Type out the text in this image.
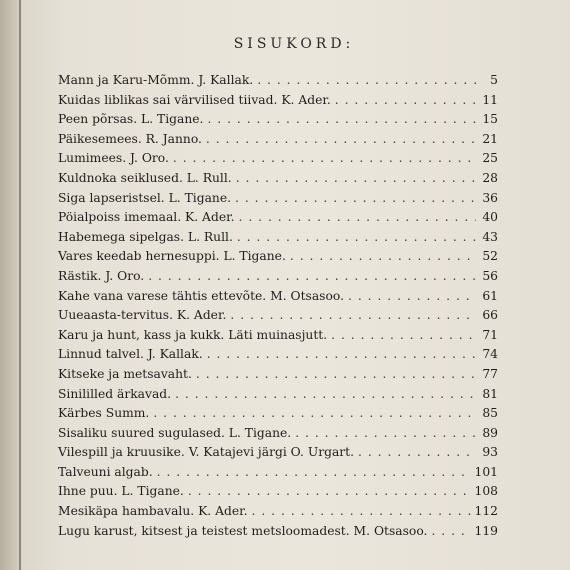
SISUKORD:
Mann ja Karu-Mõmm. J. Kallak. . . .	5
Kuidas liblikas sai värvilised tiivad. K. Ader. . . .	11
Peen põrsas. L. Tigane. . . .	15
Päikesemees. R. Janno. . . .	21
Lumimees. J. Oro. . . .	25
Kuldnoka seiklused. L. Rull. . . .	28
Siga lapseristsel. L. Tigane. . . .	36
Pöialpoiss imemaal. K. Ader. . . .	40
Habemega sipelgas. L. Rull. . . .	43
Vares keedab hernesuppi. L. Tigane. . . .	52
Rästik. J. Oro. . . .	56
Kahe vana varese tähtis ettevõte. M. Otsasoo. . . .	61
Uueaasta-tervitus. K. Ader. . . .	66
Karu ja hunt, kass ja kukk. Läti muinasjutt. . . .	71
Linnud talvel. J. Kallak. . . .	74
Kitseke ja metsavaht. . . .	77
Sinililled ärkavad. . . .	81
Kärbes Summ. . . .	85
Sisaliku suured sugulased. L. Tigane. . . .	89
Vilespill ja kruusike. V. Katajevi järgi O. Urgart. . . .	93
Talveuni algab. . . .	101
Ihne puu. L. Tigane. . . .	108
Mesikäpa hambavalu. K. Ader. . . .	112
Lugu karust, kitsest ja teistest metsloomadest. M. Otsasoo. . . .	119
